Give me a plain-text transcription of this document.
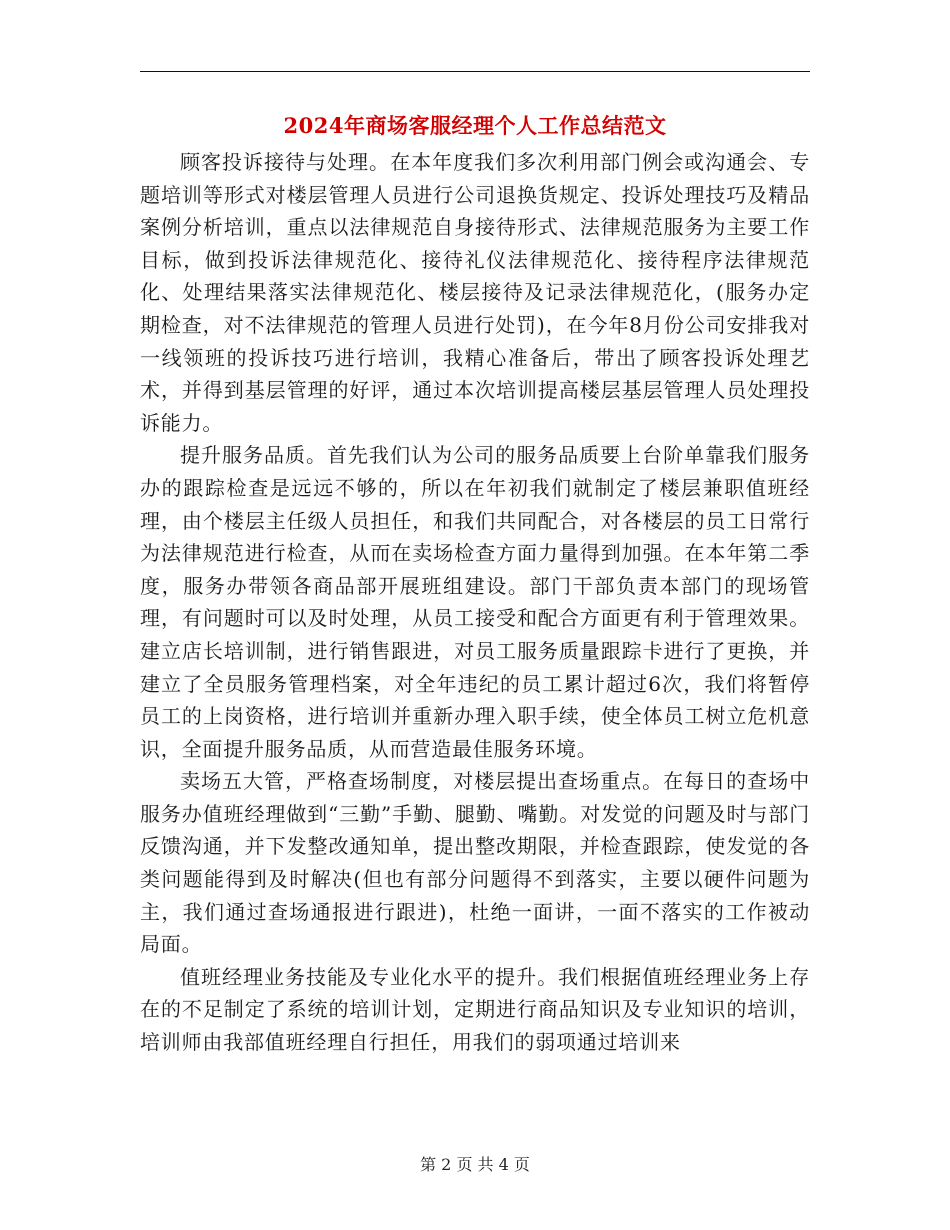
2024年商场客服经理个人工作总结范文

顾客投诉接待与处理。在本年度我们多次利用部门例会或沟通会、专题培训等形式对楼层管理人员进行公司退换货规定、投诉处理技巧及精品案例分析培训，重点以法律规范自身接待形式、法律规范服务为主要工作目标，做到投诉法律规范化、接待礼仪法律规范化、接待程序法律规范化、处理结果落实法律规范化、楼层接待及记录法律规范化，(服务办定期检查，对不法律规范的管理人员进行处罚)，在今年8月份公司安排我对一线领班的投诉技巧进行培训，我精心准备后，带出了顾客投诉处理艺术，并得到基层管理的好评，通过本次培训提高楼层基层管理人员处理投诉能力。

提升服务品质。首先我们认为公司的服务品质要上台阶单靠我们服务办的跟踪检查是远远不够的，所以在年初我们就制定了楼层兼职值班经理，由个楼层主任级人员担任，和我们共同配合，对各楼层的员工日常行为法律规范进行检查，从而在卖场检查方面力量得到加强。在本年第二季度，服务办带领各商品部开展班组建设。部门干部负责本部门的现场管理，有问题时可以及时处理，从员工接受和配合方面更有利于管理效果。建立店长培训制，进行销售跟进，对员工服务质量跟踪卡进行了更换，并建立了全员服务管理档案，对全年违纪的员工累计超过6次，我们将暂停员工的上岗资格，进行培训并重新办理入职手续，使全体员工树立危机意识，全面提升服务品质，从而营造最佳服务环境。

卖场五大管，严格查场制度，对楼层提出查场重点。在每日的查场中服务办值班经理做到“三勤”手勤、腿勤、嘴勤。对发觉的问题及时与部门反馈沟通，并下发整改通知单，提出整改期限，并检查跟踪，使发觉的各类问题能得到及时解决(但也有部分问题得不到落实，主要以硬件问题为主，我们通过查场通报进行跟进)，杜绝一面讲，一面不落实的工作被动局面。

值班经理业务技能及专业化水平的提升。我们根据值班经理业务上存在的不足制定了系统的培训计划，定期进行商品知识及专业知识的培训，培训师由我部值班经理自行担任，用我们的弱项通过培训来

第 2 页 共 4 页
